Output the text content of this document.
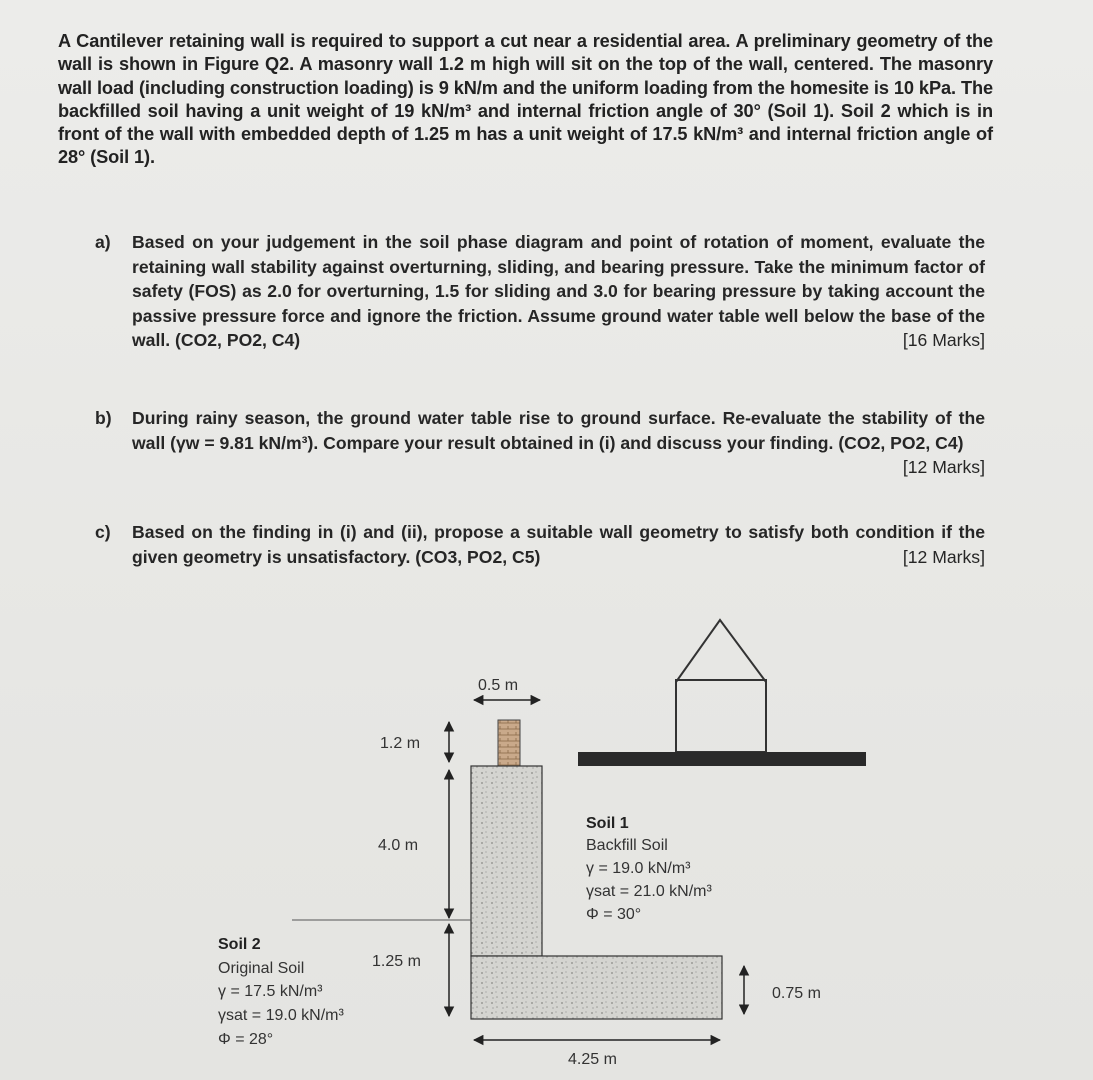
A Cantilever retaining wall is required to support a cut near a residential area. A preliminary geometry of the wall is shown in Figure Q2. A masonry wall 1.2 m high will sit on the top of the wall, centered. The masonry wall load (including construction loading) is 9 kN/m and the uniform loading from the homesite is 10 kPa. The backfilled soil having a unit weight of 19 kN/m³ and internal friction angle of 30° (Soil 1). Soil 2 which is in front of the wall with embedded depth of 1.25 m has a unit weight of 17.5 kN/m³ and internal friction angle of 28° (Soil 1).
a) Based on your judgement in the soil phase diagram and point of rotation of moment, evaluate the retaining wall stability against overturning, sliding, and bearing pressure. Take the minimum factor of safety (FOS) as 2.0 for overturning, 1.5 for sliding and 3.0 for bearing pressure by taking account the passive pressure force and ignore the friction. Assume ground water table well below the base of the wall. (CO2, PO2, C4)	[16 Marks]
b) During rainy season, the ground water table rise to ground surface. Re-evaluate the stability of the wall (γw = 9.81 kN/m³). Compare your result obtained in (i) and discuss your finding. (CO2, PO2, C4)
[12 Marks]
c) Based on the finding in (i) and (ii), propose a suitable wall geometry to satisfy both condition if the given geometry is unsatisfactory. (CO3, PO2, C5)	[12 Marks]
0.5 m
1.2 m
4.0 m
1.25 m
0.75 m
4.25 m
Soil 1
Backfill Soil
γ = 19.0 kN/m³
γsat = 21.0 kN/m³
Φ = 30°
Soil 2
Original Soil
γ = 17.5 kN/m³
γsat = 19.0 kN/m³
Φ = 28°
